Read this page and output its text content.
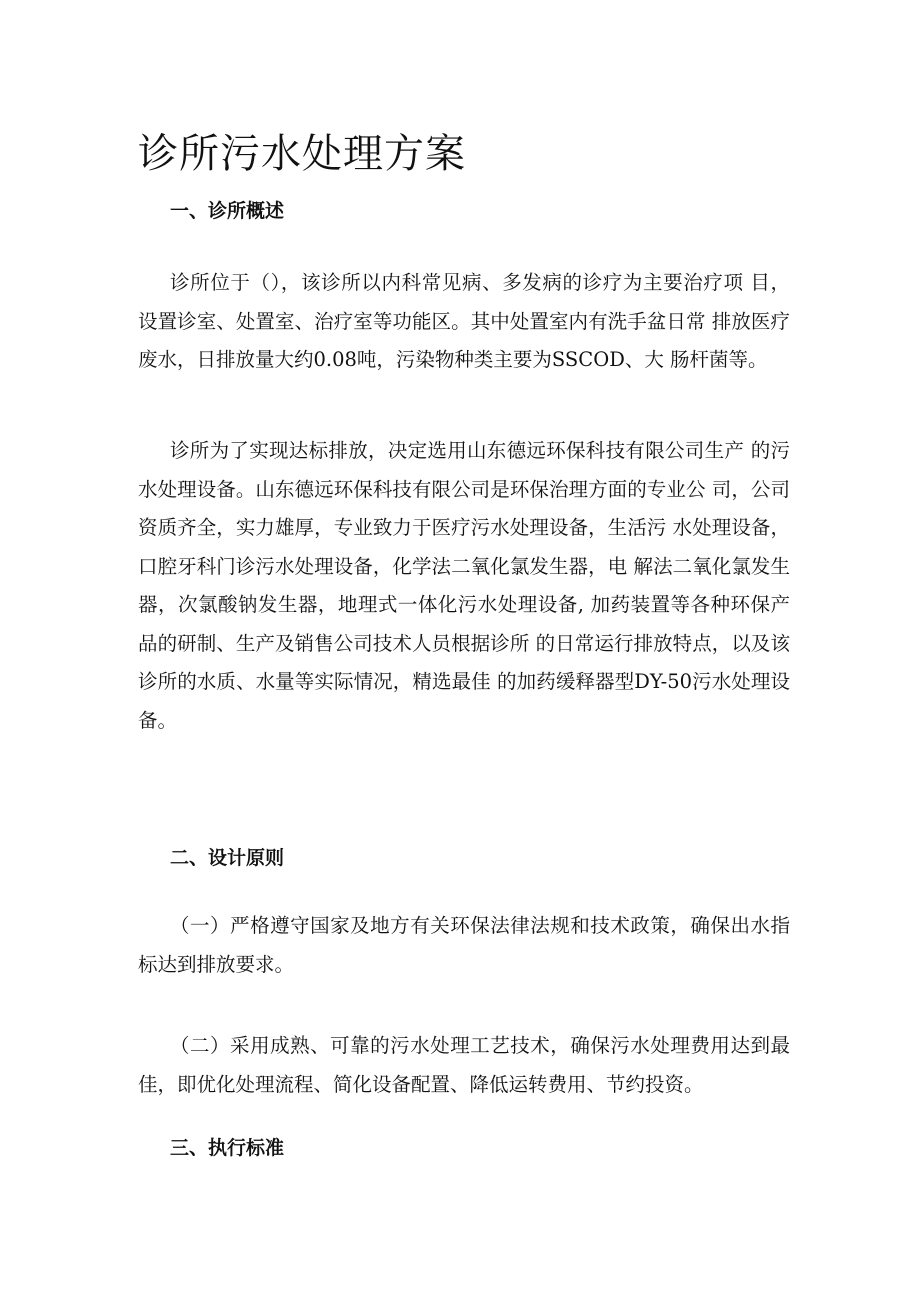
诊所污水处理方案
一、诊所概述

诊所位于（），该诊所以内科常见病、多发病的诊疗为主要治疗项 目，设置诊室、处置室、治疗室等功能区。其中处置室内有洗手盆日常 排放医疗废水，日排放量大约0.08吨，污染物种类主要为SSCOD、大 肠杆菌等。

诊所为了实现达标排放，决定选用山东德远环保科技有限公司生产 的污水处理设备。山东德远环保科技有限公司是环保治理方面的专业公 司，公司资质齐全，实力雄厚，专业致力于医疗污水处理设备，生活污 水处理设备，口腔牙科门诊污水处理设备，化学法二氧化氯发生器，电 解法二氧化氯发生器，次氯酸钠发生器，地理式一体化污水处理设备, 加药装置等各种环保产品的研制、生产及销售公司技术人员根据诊所 的日常运行排放特点，以及该诊所的水质、水量等实际情况，精选最佳 的加药缓释器型DY-50污水处理设备。

二、设计原则

（一）严格遵守国家及地方有关环保法律法规和技术政策，确保出水指标达到排放要求。

（二）采用成熟、可靠的污水处理工艺技术，确保污水处理费用达到最佳，即优化处理流程、简化设备配置、降低运转费用、节约投资。

三、执行标准
